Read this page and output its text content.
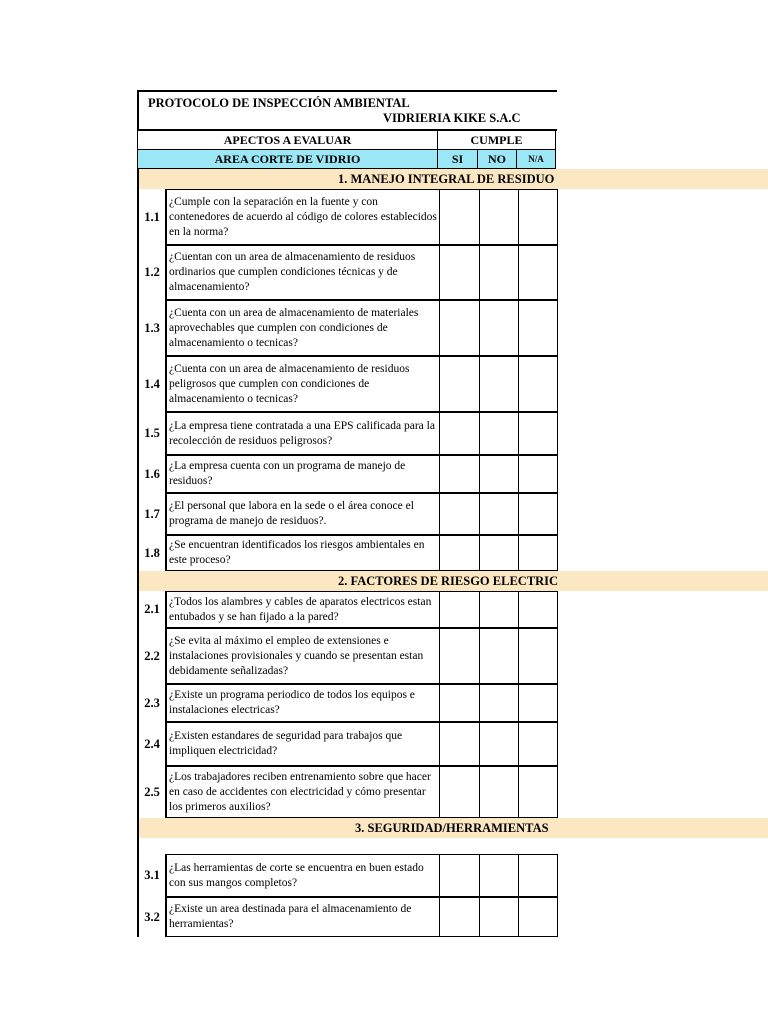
PROTOCOLO DE INSPECCIÓN AMBIENTAL
VIDRIERIA KIKE S.A.C
APECTOS A EVALUAR	CUMPLE
AREA CORTE DE VIDRIO	SI	NO	N/A
1. MANEJO INTEGRAL DE RESIDUO
1.1
¿Cumple con la separación en la fuente y con contenedores de acuerdo al código de colores establecidos en la norma?
1.2
¿Cuentan con un area de almacenamiento de residuos ordinarios que cumplen condiciones técnicas y de almacenamiento?
1.3
¿Cuenta con un area de almacenamiento de materiales aprovechables que cumplen con condiciones de almacenamiento o tecnicas?
1.4
¿Cuenta con un area de almacenamiento de residuos peligrosos que cumplen con condiciones de almacenamiento o tecnicas?
1.5
¿La empresa tiene contratada a una EPS calificada para la recolección de residuos peligrosos?
1.6
¿La empresa cuenta con un programa de manejo de residuos?
1.7
¿El personal que labora en la sede o el área conoce el programa de manejo de residuos?.
1.8
¿Se encuentran identificados los riesgos ambientales en este proceso?
2. FACTORES DE RIESGO ELECTRIC
2.1
¿Todos los alambres y cables de aparatos electricos estan entubados y se han fijado a la pared?
2.2
¿Se evita al máximo el empleo de extensiones e instalaciones provisionales y cuando se presentan estan debidamente señalizadas?
2.3
¿Existe un programa periodico de todos los equipos e instalaciones electricas?
2.4
¿Existen estandares de seguridad para trabajos que impliquen electricidad?
2.5
¿Los trabajadores reciben entrenamiento sobre que hacer en caso de accidentes con electricidad y cómo presentar los primeros auxilios?
3. SEGURIDAD/HERRAMIENTAS
3.1
¿Las herramientas de corte se encuentra en buen estado con sus mangos completos?
3.2
¿Existe un area destinada para el almacenamiento de herramientas?
